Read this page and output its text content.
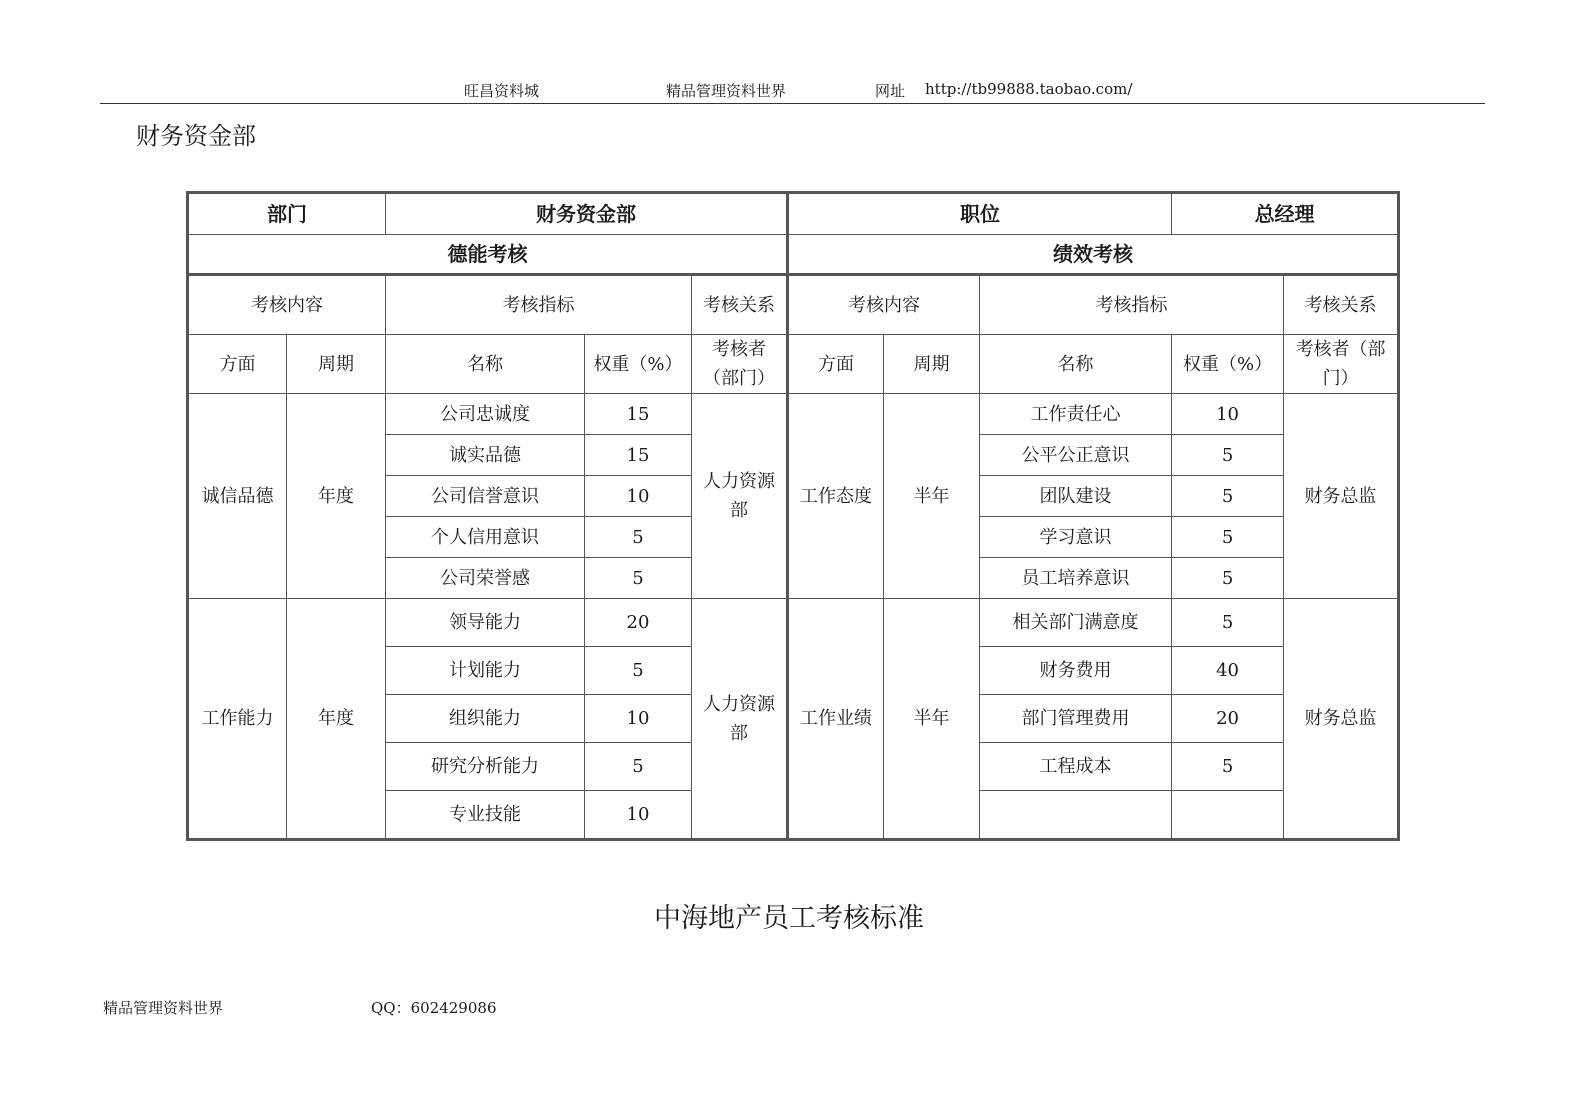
旺昌资料城	精品管理资料世界	网址 http://tb99888.taobao.com/
财务资金部
部门		财务资金部			职位			总经理	
德能考核					绩效考核				
考核内容		考核指标		考核关系	考核内容		考核指标		考核关系
方面	周期	名称	权重（%）	考核者（部门）	方面	周期	名称	权重（%）	考核者（部门）
诚信品德	年度	公司忠诚度	15	人力资源部	工作态度	半年	工作责任心	10	财务总监
		诚实品德	15				公平公正意识	5	
		公司信誉意识	10				团队建设	5	
		个人信用意识	5				学习意识	5	
		公司荣誉感	5				员工培养意识	5	
工作能力	年度	领导能力	20	人力资源部	工作业绩	半年	相关部门满意度	5	财务总监
		计划能力	5				财务费用	40	
		组织能力	10				部门管理费用	20	
		研究分析能力	5				工程成本	5	
		专业技能	10						
中海地产员工考核标准
精品管理资料世界	QQ：602429086
